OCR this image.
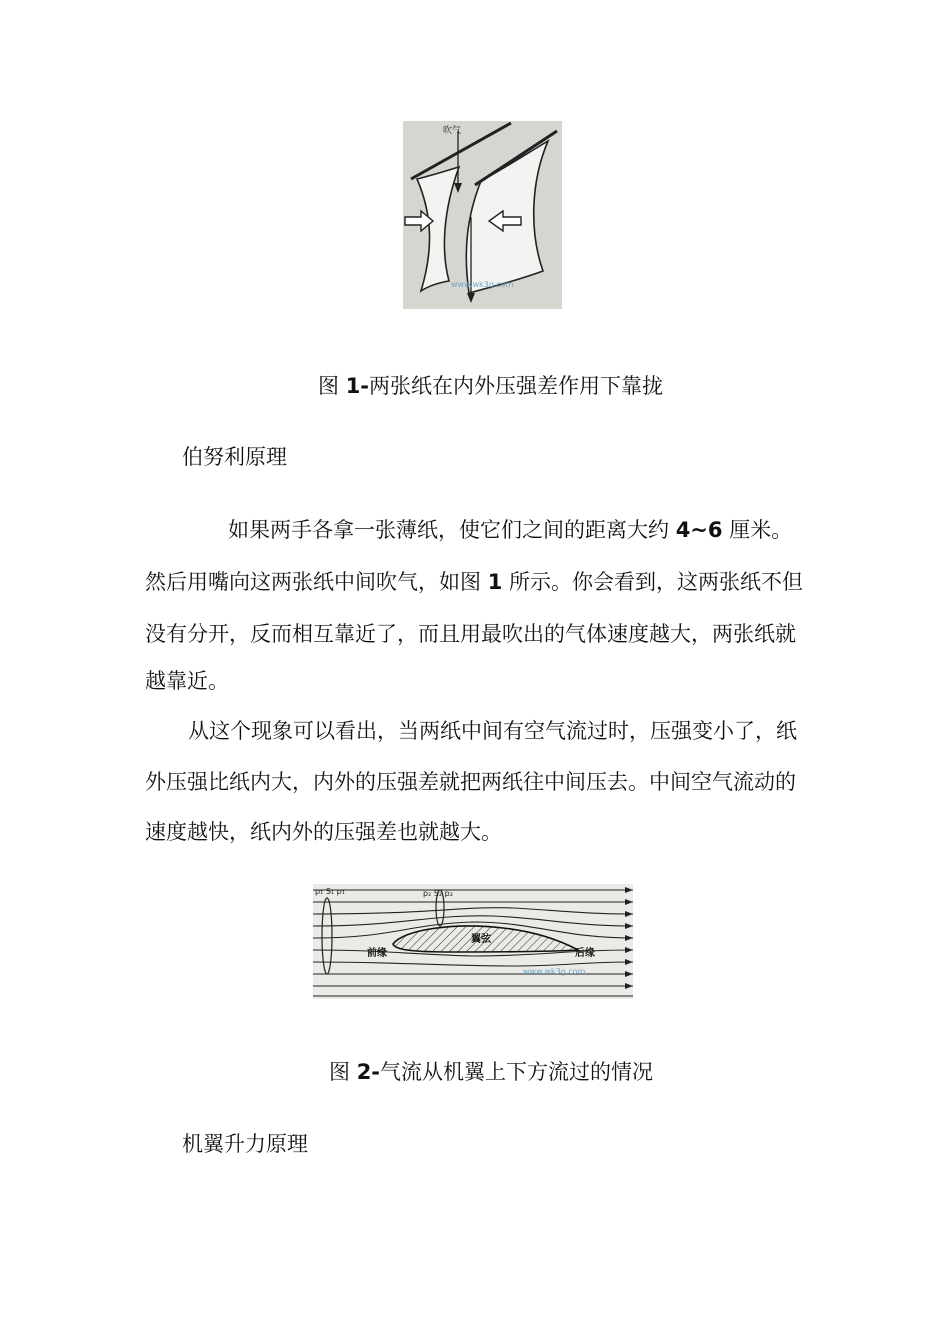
吹气
www.wk3g.com
图 1-两张纸在内外压强差作用下靠拢
伯努利原理
如果两手各拿一张薄纸，使它们之间的距离大约 4~6 厘米。
然后用嘴向这两张纸中间吹气，如图 1 所示。你会看到，这两张纸不但
没有分开，反而相互靠近了，而且用最吹出的气体速度越大，两张纸就
越靠近。
从这个现象可以看出，当两纸中间有空气流过时，压强变小了，纸
外压强比纸内大，内外的压强差就把两纸往中间压去。中间空气流动的
速度越快，纸内外的压强差也就越大。
p₁ S₁ p₁	p₂ S₂ p₂
前缘
翼弦
后缘
www.wk3g.com
图 2-气流从机翼上下方流过的情况
机翼升力原理
